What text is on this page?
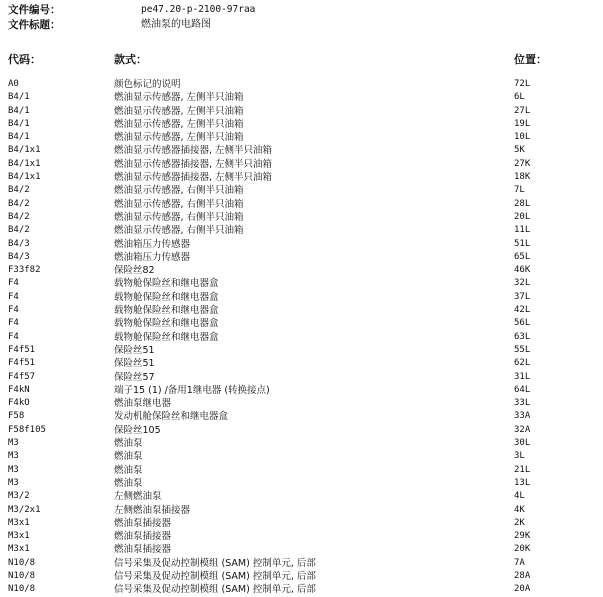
文件编号：	pe47.20-p-2100-97raa
文件标题：	燃油泵的电路图
代码：	款式：	位置：
A0	颜色标记的说明	72L
B4/1	燃油显示传感器, 左侧半只油箱	6L
B4/1	燃油显示传感器, 左侧半只油箱	27L
B4/1	燃油显示传感器, 左侧半只油箱	19L
B4/1	燃油显示传感器, 左侧半只油箱	10L
B4/1x1	燃油显示传感器插接器, 左侧半只油箱	5K
B4/1x1	燃油显示传感器插接器, 左侧半只油箱	27K
B4/1x1	燃油显示传感器插接器, 左侧半只油箱	18K
B4/2	燃油显示传感器, 右侧半只油箱	7L
B4/2	燃油显示传感器, 右侧半只油箱	28L
B4/2	燃油显示传感器, 右侧半只油箱	20L
B4/2	燃油显示传感器, 右侧半只油箱	11L
B4/3	燃油箱压力传感器	51L
B4/3	燃油箱压力传感器	65L
F33f82	保险丝82	46K
F4	载物舱保险丝和继电器盒	32L
F4	载物舱保险丝和继电器盒	37L
F4	载物舱保险丝和继电器盒	42L
F4	载物舱保险丝和继电器盒	56L
F4	载物舱保险丝和继电器盒	63L
F4f51	保险丝51	55L
F4f51	保险丝51	62L
F4f57	保险丝57	31L
F4kN	端子15 (1) /备用1继电器 (转换接点)	64L
F4kO	燃油泵继电器	33L
F58	发动机舱保险丝和继电器盒	33A
F58f105	保险丝105	32A
M3	燃油泵	30L
M3	燃油泵	3L
M3	燃油泵	21L
M3	燃油泵	13L
M3/2	左侧燃油泵	4L
M3/2x1	左侧燃油泵插接器	4K
M3x1	燃油泵插接器	2K
M3x1	燃油泵插接器	29K
M3x1	燃油泵插接器	20K
N10/8	信号采集及促动控制模组 (SAM) 控制单元, 后部	7A
N10/8	信号采集及促动控制模组 (SAM) 控制单元, 后部	28A
N10/8	信号采集及促动控制模组 (SAM) 控制单元, 后部	20A
